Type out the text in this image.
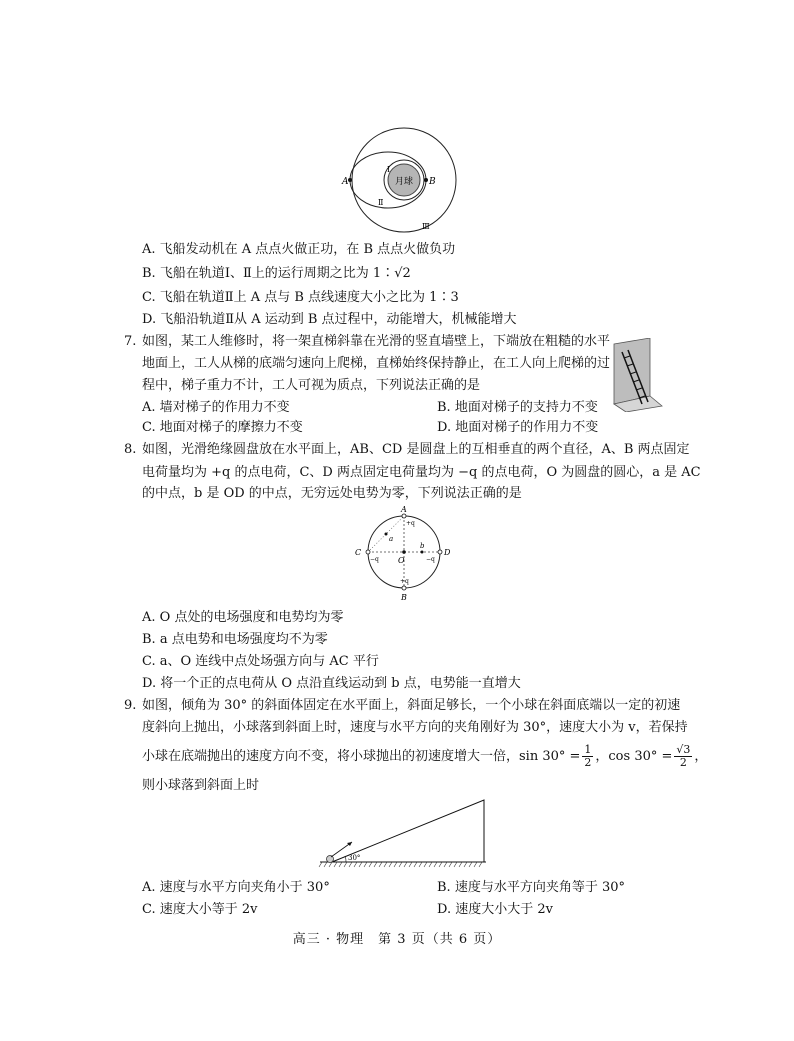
A	B
月球
Ⅰ
Ⅱ
Ⅲ
A. 飞船发动机在 A 点点火做正功，在 B 点点火做负功
B. 飞船在轨道Ⅰ、Ⅱ上的运行周期之比为 1∶√2
C. 飞船在轨道Ⅱ上 A 点与 B 点线速度大小之比为 1∶3
D. 飞船沿轨道Ⅱ从 A 运动到 B 点过程中，动能增大，机械能增大
7. 如图，某工人维修时，将一架直梯斜靠在光滑的竖直墙壁上，下端放在粗糙的水平
地面上，工人从梯的底端匀速向上爬梯，直梯始终保持静止，在工人向上爬梯的过
程中，梯子重力不计，工人可视为质点，下列说法正确的是
A. 墙对梯子的作用力不变	B. 地面对梯子的支持力不变
C. 地面对梯子的摩擦力不变	D. 地面对梯子的作用力不变
8. 如图，光滑绝缘圆盘放在水平面上，AB、CD 是圆盘上的互相垂直的两个直径，A、B 两点固定
电荷量均为 +q 的点电荷，C、D 两点固定电荷量均为 −q 的点电荷，O 为圆盘的圆心，a 是 AC
的中点，b 是 OD 的中点，无穷远处电势为零，下列说法正确的是
A
B
C	D
O
a
b
+q
+q
−q	−q
A. O 点处的电场强度和电势均为零
B. a 点电势和电场强度均不为零
C. a、O 连线中点处场强方向与 AC 平行
D. 将一个正的点电荷从 O 点沿直线运动到 b 点，电势能一直增大
9. 如图，倾角为 30° 的斜面体固定在水平面上，斜面足够长，一个小球在斜面底端以一定的初速
度斜向上抛出，小球落到斜面上时，速度与水平方向的夹角刚好为 30°，速度大小为 v，若保持
小球在底端抛出的速度方向不变，将小球抛出的初速度增大一倍，$\sin 30^\circ = \frac{1}{2}$ ，$\cos 30^\circ = \frac{√3}{2}$ ，
则小球落到斜面上时
30°
A. 速度与水平方向夹角小于 30°	B. 速度与水平方向夹角等于 30°
C. 速度大小等于 2v	D. 速度大小大于 2v
高三 · 物理　第 3 页（共 6 页）
